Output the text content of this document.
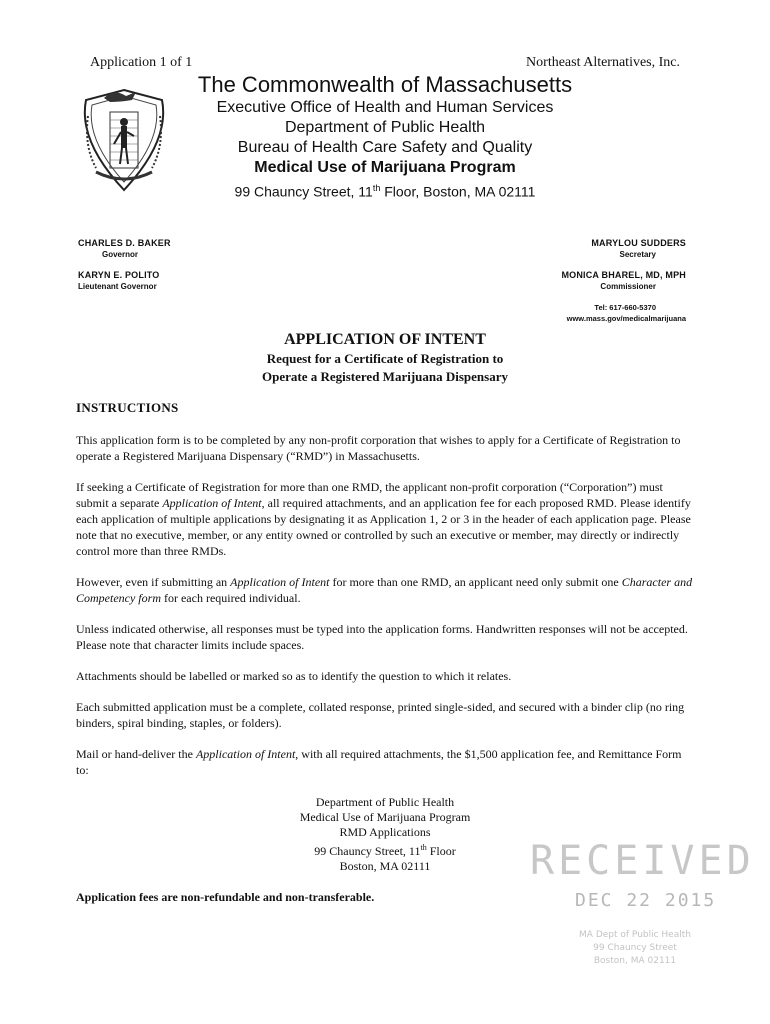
Application 1 of 1	Northeast Alternatives, Inc.
The Commonwealth of Massachusetts
Executive Office of Health and Human Services
Department of Public Health
Bureau of Health Care Safety and Quality
Medical Use of Marijuana Program
99 Chauncy Street, 11th Floor, Boston, MA 02111
CHARLES D. BAKER
Governor
KARYN E. POLITO
Lieutenant Governor
MARYLOU SUDDERS
Secretary
MONICA BHAREL, MD, MPH
Commissioner
Tel: 617-660-5370
www.mass.gov/medicalmarijuana
APPLICATION OF INTENT
Request for a Certificate of Registration to
Operate a Registered Marijuana Dispensary
INSTRUCTIONS

This application form is to be completed by any non-profit corporation that wishes to apply for a Certificate of Registration to operate a Registered Marijuana Dispensary (“RMD”) in Massachusetts.

If seeking a Certificate of Registration for more than one RMD, the applicant non-profit corporation (“Corporation”) must submit a separate Application of Intent, all required attachments, and an application fee for each proposed RMD. Please identify each application of multiple applications by designating it as Application 1, 2 or 3 in the header of each application page. Please note that no executive, member, or any entity owned or controlled by such an executive or member, may directly or indirectly control more than three RMDs.

However, even if submitting an Application of Intent for more than one RMD, an applicant need only submit one Character and Competency form for each required individual.

Unless indicated otherwise, all responses must be typed into the application forms. Handwritten responses will not be accepted. Please note that character limits include spaces.

Attachments should be labelled or marked so as to identify the question to which it relates.

Each submitted application must be a complete, collated response, printed single-sided, and secured with a binder clip (no ring binders, spiral binding, staples, or folders).

Mail or hand-deliver the Application of Intent, with all required attachments, the $1,500 application fee, and Remittance Form to:

Department of Public Health
Medical Use of Marijuana Program
RMD Applications
99 Chauncy Street, 11th Floor
Boston, MA 02111
Application fees are non-refundable and non-transferable.
RECEIVED
DEC 22 2015
MA Dept of Public Health
99 Chauncy Street
Boston, MA 02111
